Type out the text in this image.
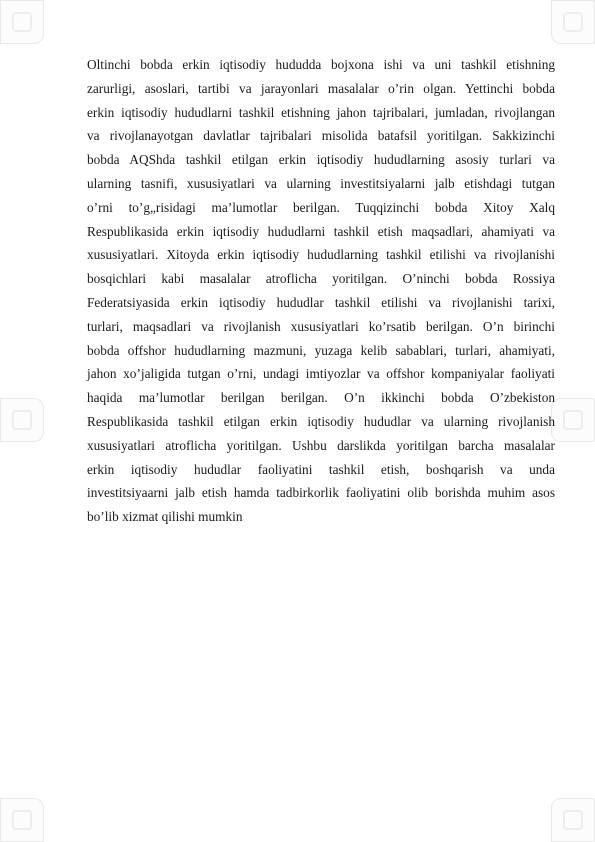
Oltinchi bobda erkin iqtisodiy hududda bojxona ishi va uni tashkil etishning
zarurligi, asoslari, tartibi va jarayonlari masalalar o’rin olgan. Yettinchi bobda
erkin iqtisodiy hududlarni tashkil etishning jahon tajribalari, jumladan, rivojlangan
va rivojlanayotgan davlatlar tajribalari misolida batafsil yoritilgan. Sakkizinchi
bobda AQShda tashkil etilgan erkin iqtisodiy hududlarning asosiy turlari va
ularning tasnifi, xususiyatlari va ularning investitsiyalarni jalb etishdagi tutgan
o’rni to’g„risidagi ma’lumotlar berilgan. Tuqqizinchi bobda Xitoy Xalq
Respublikasida erkin iqtisodiy hududlarni tashkil etish maqsadlari, ahamiyati va
xususiyatlari. Xitoyda erkin iqtisodiy hududlarning tashkil etilishi va rivojlanishi
bosqichlari kabi masalalar atroflicha yoritilgan. O’ninchi bobda Rossiya
Federatsiyasida erkin iqtisodiy hududlar tashkil etilishi va rivojlanishi tarixi,
turlari, maqsadlari va rivojlanish xususiyatlari ko’rsatib berilgan. O’n birinchi
bobda offshor hududlarning mazmuni, yuzaga kelib sabablari, turlari, ahamiyati,
jahon xo’jaligida tutgan o’rni, undagi imtiyozlar va offshor kompaniyalar faoliyati
haqida ma’lumotlar berilgan berilgan. O’n ikkinchi bobda O’zbekiston
Respublikasida tashkil etilgan erkin iqtisodiy hududlar va ularning rivojlanish
xususiyatlari atroflicha yoritilgan. Ushbu darslikda yoritilgan barcha masalalar
erkin iqtisodiy hududlar faoliyatini tashkil etish, boshqarish va unda
investitsiyaarni jalb etish hamda tadbirkorlik faoliyatini olib borishda muhim asos
bo’lib xizmat qilishi mumkin
